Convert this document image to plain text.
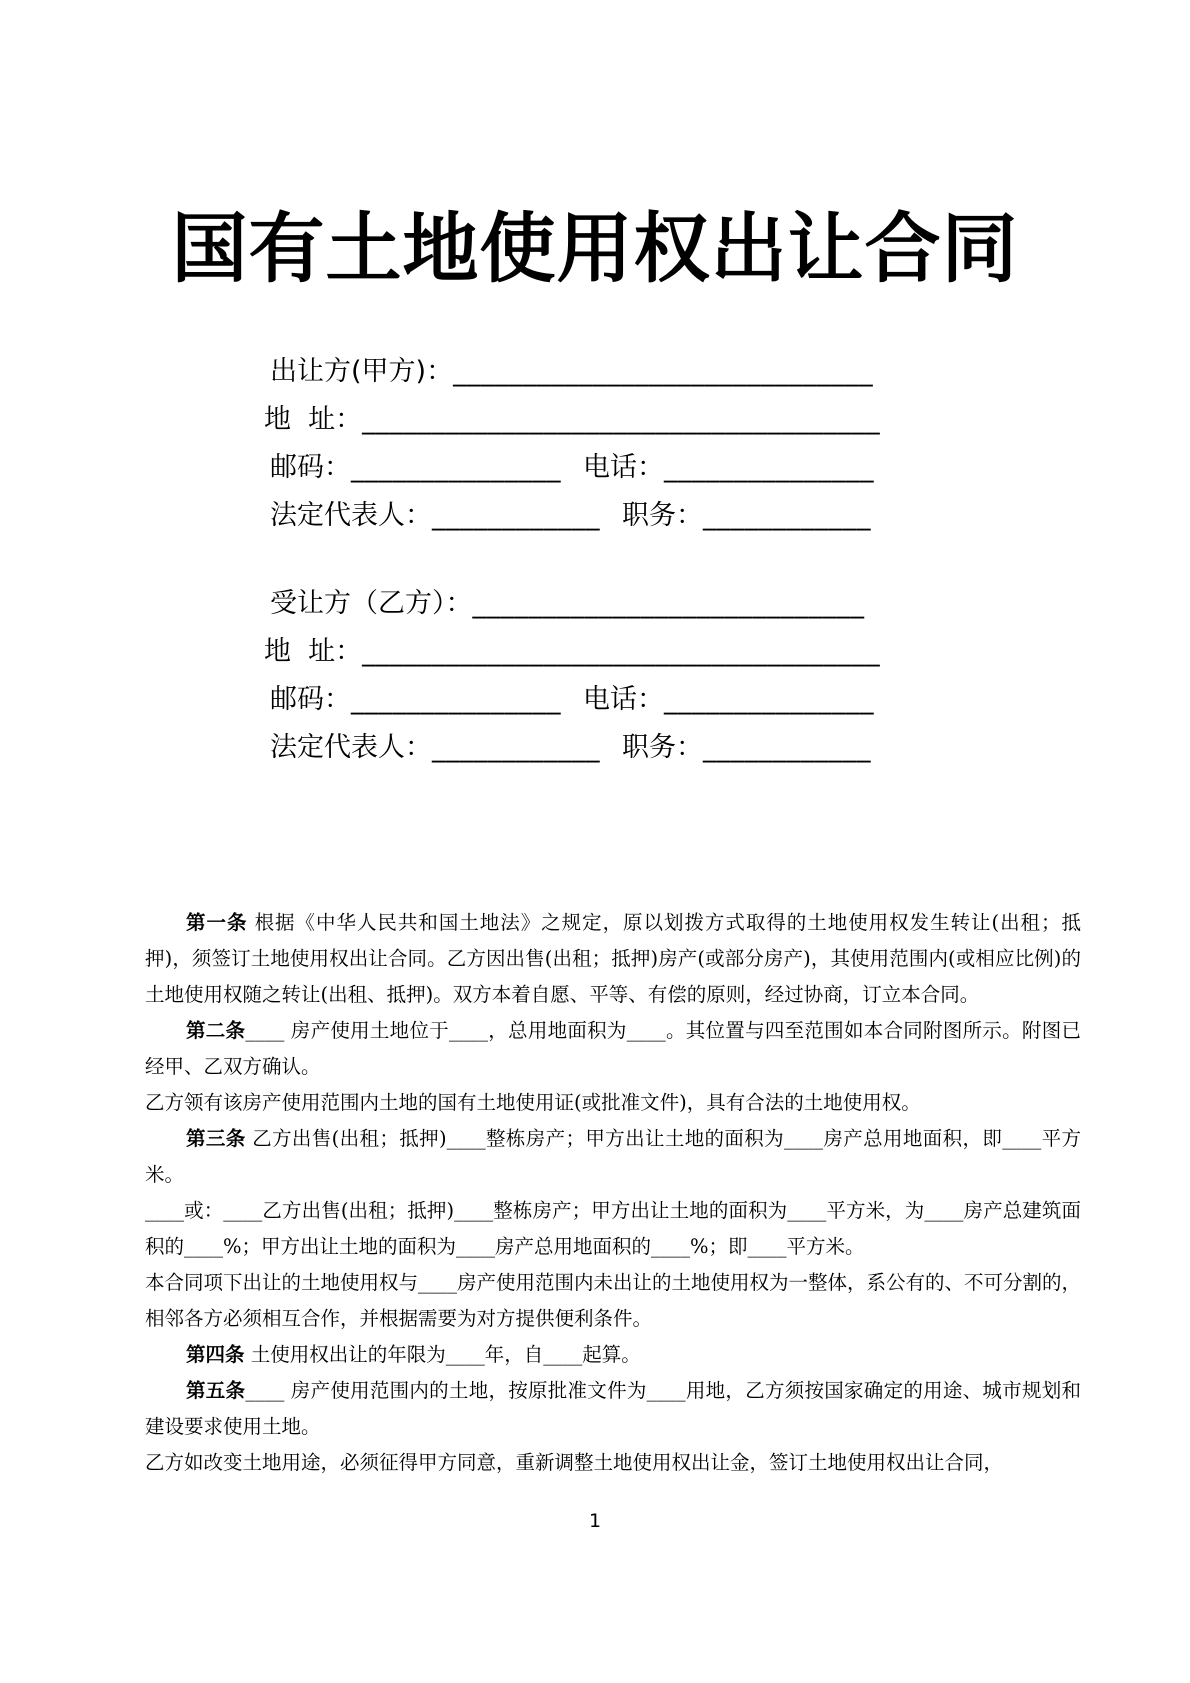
国有土地使用权出让合同
出让方(甲方)：______________________________
地  址：_____________________________________
邮码：_______________ 电话：_______________
法定代表人：____________ 职务：____________
受让方（乙方）：____________________________
地  址：_____________________________________
邮码：_______________ 电话：_______________
法定代表人：____________ 职务：____________

第一条 根据《中华人民共和国土地法》之规定，原以划拨方式取得的土地使用权发生转让(出租；抵押)，须签订土地使用权出让合同。乙方因出售(出租；抵押)房产(或部分房产)，其使用范围内(或相应比例)的土地使用权随之转让(出租、抵押)。双方本着自愿、平等、有偿的原则，经过协商，订立本合同。

第二条____ 房产使用土地位于____，总用地面积为____。其位置与四至范围如本合同附图所示。附图已经甲、乙双方确认。

乙方领有该房产使用范围内土地的国有土地使用证(或批准文件)，具有合法的土地使用权。

第三条 乙方出售(出租；抵押)____整栋房产；甲方出让土地的面积为____房产总用地面积，即____平方米。

____或：____乙方出售(出租；抵押)____整栋房产；甲方出让土地的面积为____平方米，为____房产总建筑面积的____%；甲方出让土地的面积为____房产总用地面积的____%；即____平方米。

本合同项下出让的土地使用权与____房产使用范围内未出让的土地使用权为一整体，系公有的、不可分割的，相邻各方必须相互合作，并根据需要为对方提供便利条件。

第四条 土使用权出让的年限为____年，自____起算。

第五条____ 房产使用范围内的土地，按原批准文件为____用地，乙方须按国家确定的用途、城市规划和建设要求使用土地。

乙方如改变土地用途，必须征得甲方同意，重新调整土地使用权出让金，签订土地使用权出让合同，

1
